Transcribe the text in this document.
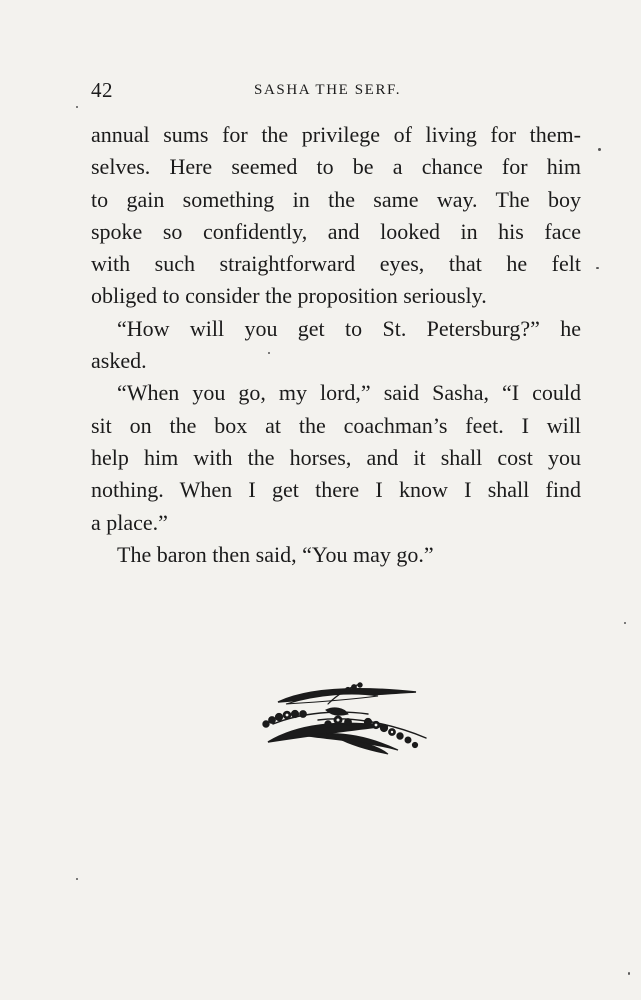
42	SASHA THE SERF.
annual sums for the privilege of living for them-
selves. Here seemed to be a chance for him
to gain something in the same way. The boy
spoke so confidently, and looked in his face
with such straightforward eyes, that he felt
obliged to consider the proposition seriously.
“How will you get to St. Petersburg?” he
asked.
“When you go, my lord,” said Sasha, “I could
sit on the box at the coachman’s feet. I will
help him with the horses, and it shall cost you
nothing. When I get there I know I shall find
a place.”
The baron then said, “You may go.”
